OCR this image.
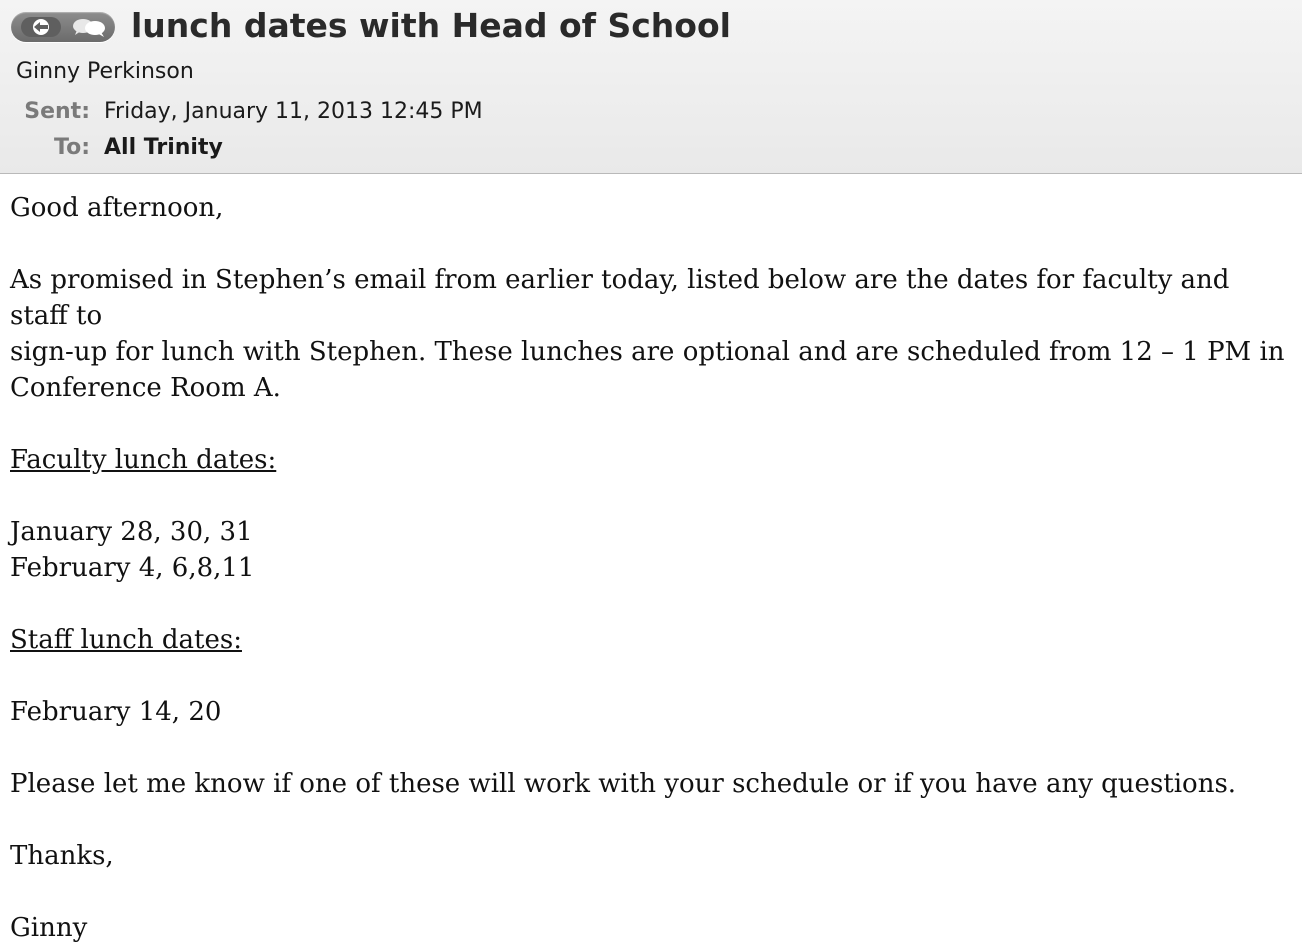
lunch dates with Head of School
Ginny Perkinson
Sent: Friday, January 11, 2013 12:45 PM
To: All Trinity

Good afternoon,

As promised in Stephen’s email from earlier today, listed below are the dates for faculty and staff to

sign-up for lunch with Stephen. These lunches are optional and are scheduled from 12 – 1 PM in

Conference Room A.

Faculty lunch dates:

January 28, 30, 31

February 4, 6,8,11

Staff lunch dates:

February 14, 20

Please let me know if one of these will work with your schedule or if you have any questions.

Thanks,

Ginny
